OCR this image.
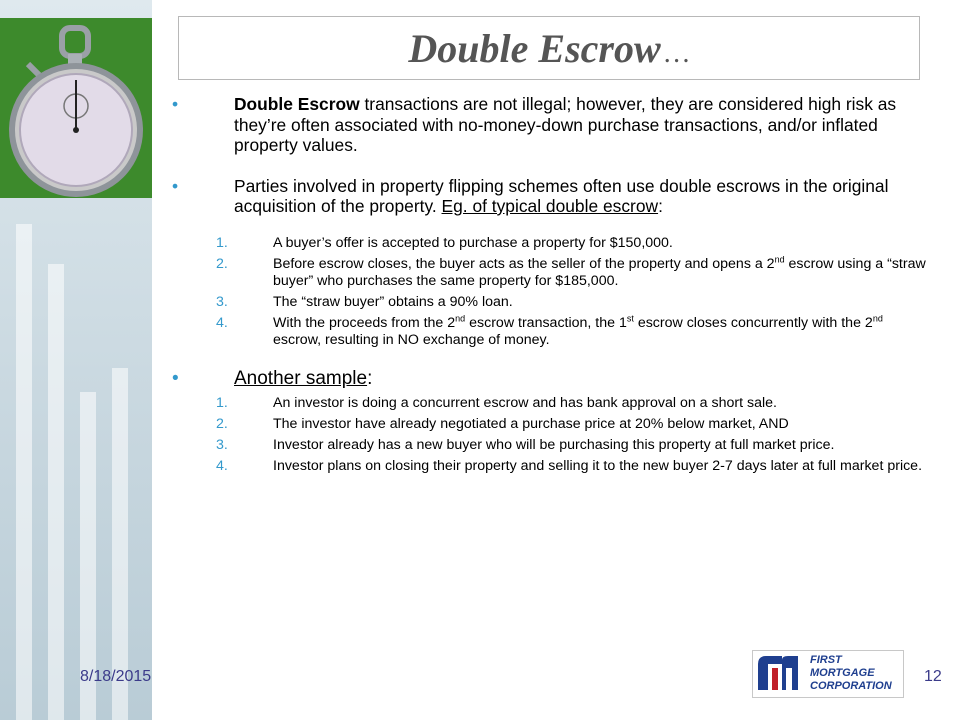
Double Escrow …
•	Double Escrow transactions are not illegal; however, they are considered high risk as they’re often associated with no-money-down purchase transactions, and/or inflated property values.
•	Parties involved in property flipping schemes often use double escrows in the original acquisition of the property. Eg. of typical double escrow:
1.	A buyer’s offer is accepted to purchase a property for $150,000.
2.	Before escrow closes, the buyer acts as the seller of the property and opens a 2nd escrow using a “straw buyer” who purchases the same property for $185,000.
3.	The “straw buyer” obtains a 90% loan.
4.	With the proceeds from the 2nd escrow transaction, the 1st escrow closes concurrently with the 2nd escrow, resulting in NO exchange of money.
•	Another sample:
1.	An investor is doing a concurrent escrow and has bank approval on a short sale.
2.	The investor have already negotiated a purchase price at 20% below market, AND
3.	Investor already has a new buyer who will be purchasing this property at full market price.
4.	Investor plans on closing their property and selling it to the new buyer 2-7 days later at full market price.
8/18/2015	12
FIRST
MORTGAGE
CORPORATION
